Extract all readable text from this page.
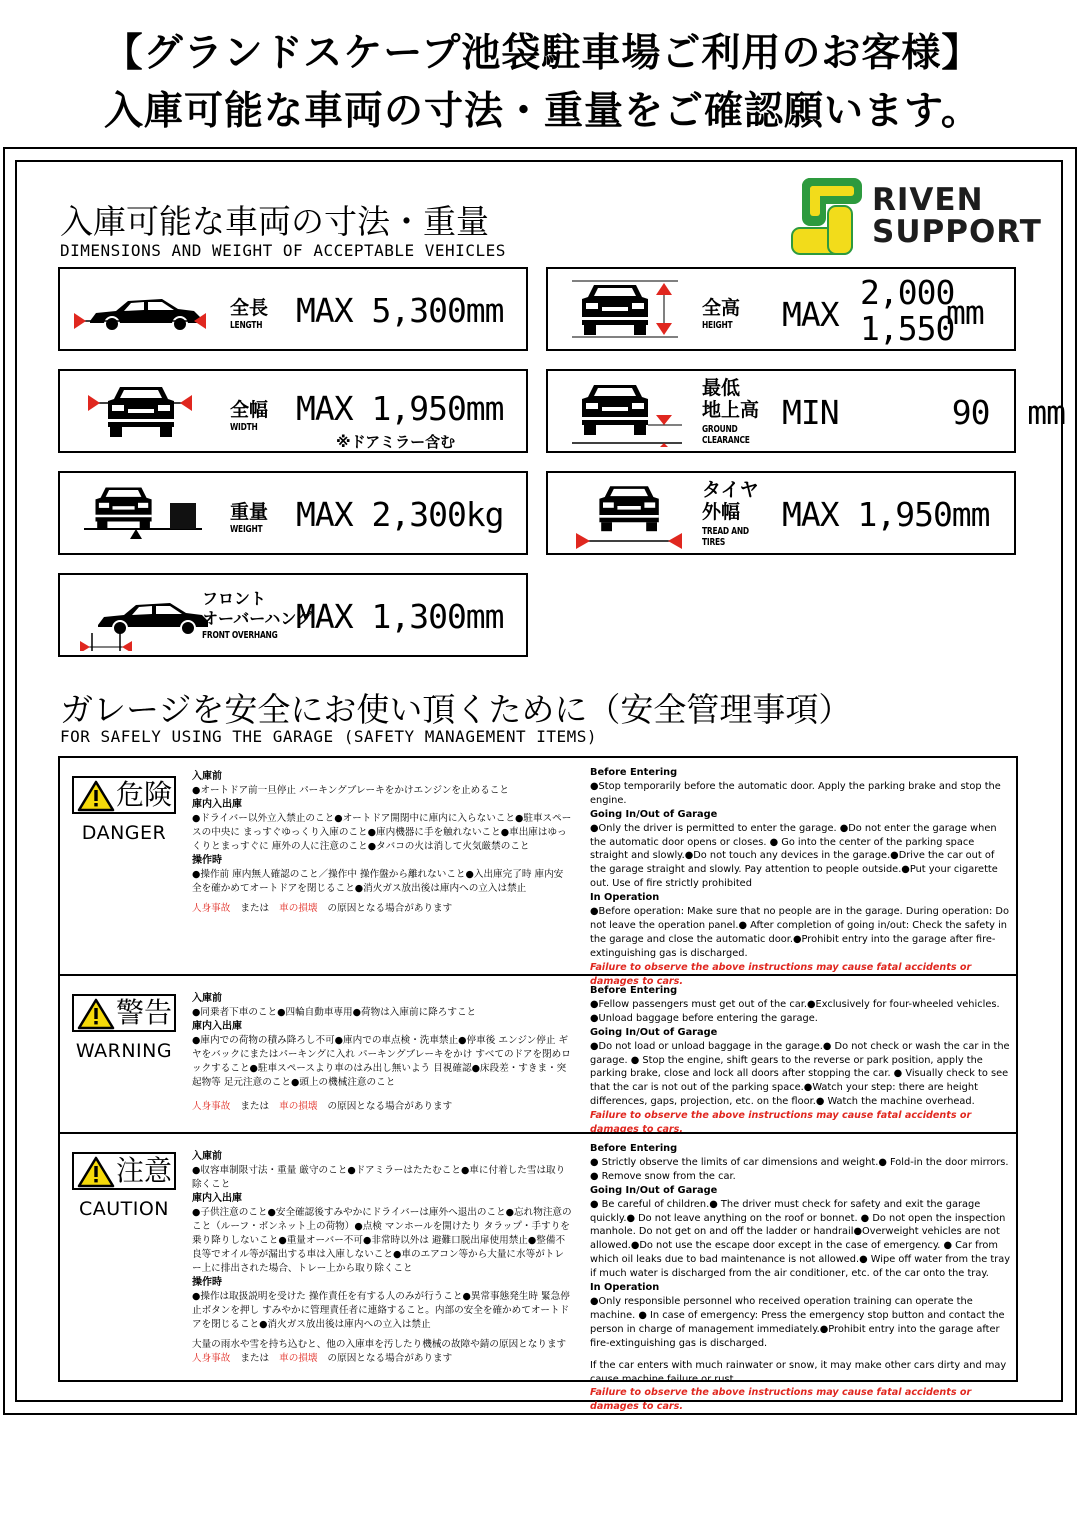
【グランドスケープ池袋駐車場ご利用のお客様】
入庫可能な車両の寸法・重量をご確認願います。
入庫可能な車両の寸法・重量
DIMENSIONS AND WEIGHT OF ACCEPTABLE VEHICLES
RIVEN
SUPPORT
全長
LENGTH MAX 5,300mm	全高
HEIGHT MAX
2,000
1,550
mm
全幅
WIDTH MAX 1,950mm
※ドアミラー含む
最低
地上高
GROUND
CLEARANCE
MIN      90  mm
重量
WEIGHT MAX 2,300kg
タイヤ
外幅
TREAD AND
TIRES
MAX 1,950mm
フロント
オーバーハング
FRONT OVERHANG MAX 1,300mm
ガレージを安全にお使い頂くために（安全管理事項）
FOR SAFELY USING THE GARAGE (SAFETY MANAGEMENT ITEMS)
危険
DANGER
入庫前
●オートドア前一旦停止 パーキングブレーキをかけエンジンを止めること
庫内入出庫
●ドライバー以外立入禁止のこと●オートドア開閉中に庫内に入らないこと●駐車スペースの中央に まっすぐゆっくり入庫のこと●庫内機器に手を触れないこと●車出庫はゆっくりとまっすぐに 庫外の人に注意のこと●タバコの火は消して火気厳禁のこと
操作時
●操作前 庫内無人確認のこと／操作中 操作盤から離れないこと●入出庫完了時 庫内安全を確かめてオートドアを閉じること●消火ガス放出後は庫内への立入は禁止
人身事故 または 車の損壊 の原因となる場合があります
Before Entering
●Stop temporarily before the automatic door. Apply the parking brake and stop the engine.
Going In/Out of Garage
●Only the driver is permitted to enter the garage. ●Do not enter the garage when the automatic door opens or closes. ● Go into the center of the parking space straight and slowly.●Do not touch any devices in the garage.●Drive the car out of the garage straight and slowly. Pay attention to people outside.●Put your cigarette out. Use of fire strictly prohibited
In Operation
●Before operation: Make sure that no people are in the garage. During operation: Do not leave the operation panel.● After completion of going in/out: Check the safety in the garage and close the automatic door.●Prohibit entry into the garage after fire-extinguishing gas is discharged.
Failure to observe the above instructions may cause fatal accidents or damages to cars.
警告
WARNING
入庫前
●同乗者下車のこと●四輪自動車専用●荷物は入庫前に降ろすこと
庫内入出庫
●庫内での荷物の積み降ろし不可●庫内での車点検・洗車禁止●停車後 エンジン停止 ギヤをバックにまたはパーキングに入れ パーキングブレーキをかけ すべてのドアを閉めロックすること●駐車スペースより車のはみ出し無いよう 目視確認●床段差・すきま・突起物等 足元注意のこと●頭上の機械注意のこと
人身事故 または 車の損壊 の原因となる場合があります
Before Entering
●Fellow passengers must get out of the car.●Exclusively for four-wheeled vehicles. ●Unload baggage before entering the garage.
Going In/Out of Garage
●Do not load or unload baggage in the garage.● Do not check or wash the car in the garage. ● Stop the engine, shift gears to the reverse or park position, apply the parking brake, close and lock all doors after stopping the car. ● Visually check to see that the car is not out of the parking space.●Watch your step: there are height differences, gaps, projection, etc. on the floor.● Watch the machine overhead.
Failure to observe the above instructions may cause fatal accidents or damages to cars.
注意
CAUTION
入庫前
●収容車制限寸法・重量 厳守のこと●ドアミラーはたたむこと●車に付着した雪は取り除くこと
庫内入出庫
●子供注意のこと●安全確認後すみやかにドライバーは庫外へ退出のこと●忘れ物注意のこと（ルーフ・ボンネット上の荷物）●点検 マンホールを開けたり タラップ・手すりを乗り降りしないこと●重量オーバー不可●非常時以外は 避難口脱出扉使用禁止●整備不良等でオイル等が漏出する車は入庫しないこと●車のエアコン等から大量に水等がトレー上に排出された場合、トレー上から取り除くこと
操作時
●操作は取扱説明を受けた 操作責任を有する人のみが行うこと●異常事態発生時 緊急停止ボタンを押し すみやかに管理責任者に連絡すること。内部の安全を確かめてオートドアを閉じること●消火ガス放出後は庫内への立入は禁止
大量の雨水や雪を持ち込むと、他の入庫車を汚したり機械の故障や錆の原因となります
人身事故 または 車の損壊 の原因となる場合があります
Before Entering
● Strictly observe the limits of car dimensions and weight.● Fold-in the door mirrors. ● Remove snow from the car.
Going In/Out of Garage
● Be careful of children.● The driver must check for safety and exit the garage quickly.● Do not leave anything on the roof or bonnet. ● Do not open the inspection manhole. Do not get on and off the ladder or handrail●Overweight vehicles are not allowed.●Do not use the escape door except in the case of emergency. ● Car from which oil leaks due to bad maintenance is not allowed.● Wipe off water from the tray if much water is discharged from the air conditioner, etc. of the car onto the tray.
In Operation
●Only responsible personnel who received operation training can operate the machine. ● In case of emergency: Press the emergency stop button and contact the person in charge of management immediately.●Prohibit entry into the garage after fire-extinguishing gas is discharged.
If the car enters with much rainwater or snow, it may make other cars dirty and may cause machine failure or rust.
Failure to observe the above instructions may cause fatal accidents or damages to cars.
